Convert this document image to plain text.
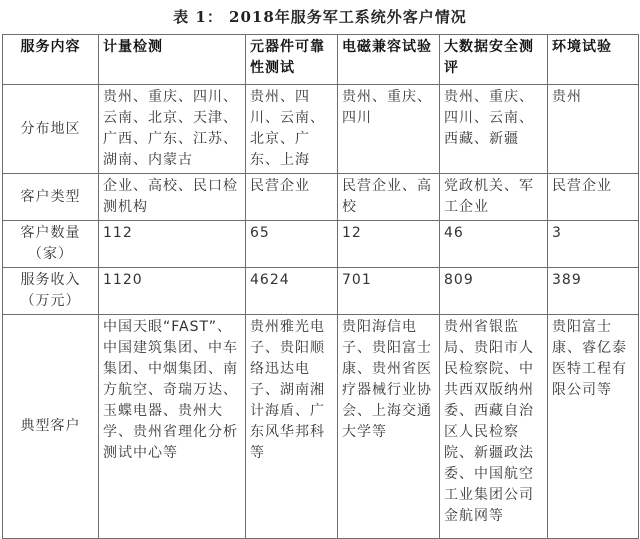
表 1： 2018年服务军工系统外客户情况
服务内容	计量检测	元器件可靠性测试	电磁兼容试验	大数据安全测评	环境试验
分布地区	贵州、重庆、四川、云南、北京、天津、广西、广东、江苏、湖南、内蒙古	贵州、四川、云南、北京、广东、上海	贵州、重庆、四川	贵州、重庆、四川、云南、西藏、新疆	贵州
客户类型	企业、高校、民口检测机构	民营企业	民营企业、高校	党政机关、军工企业	民营企业
客户数量（家）	112	65	12	46	3
服务收入（万元）	1120	4624	701	809	389
典型客户	中国天眼“FAST”、中国建筑集团、中车集团、中烟集团、南方航空、奇瑞万达、玉蝶电器、贵州大学、贵州省理化分析测试中心等	贵州雅光电子、贵阳顺络迅达电子、湖南湘计海盾、广东风华邦科等	贵阳海信电子、贵阳富士康、贵州省医疗器械行业协会、上海交通大学等	贵州省银监局、贵阳市人民检察院、中共西双版纳州委、西藏自治区人民检察院、新疆政法委、中国航空工业集团公司金航网等	贵阳富士康、睿亿泰医特工程有限公司等
